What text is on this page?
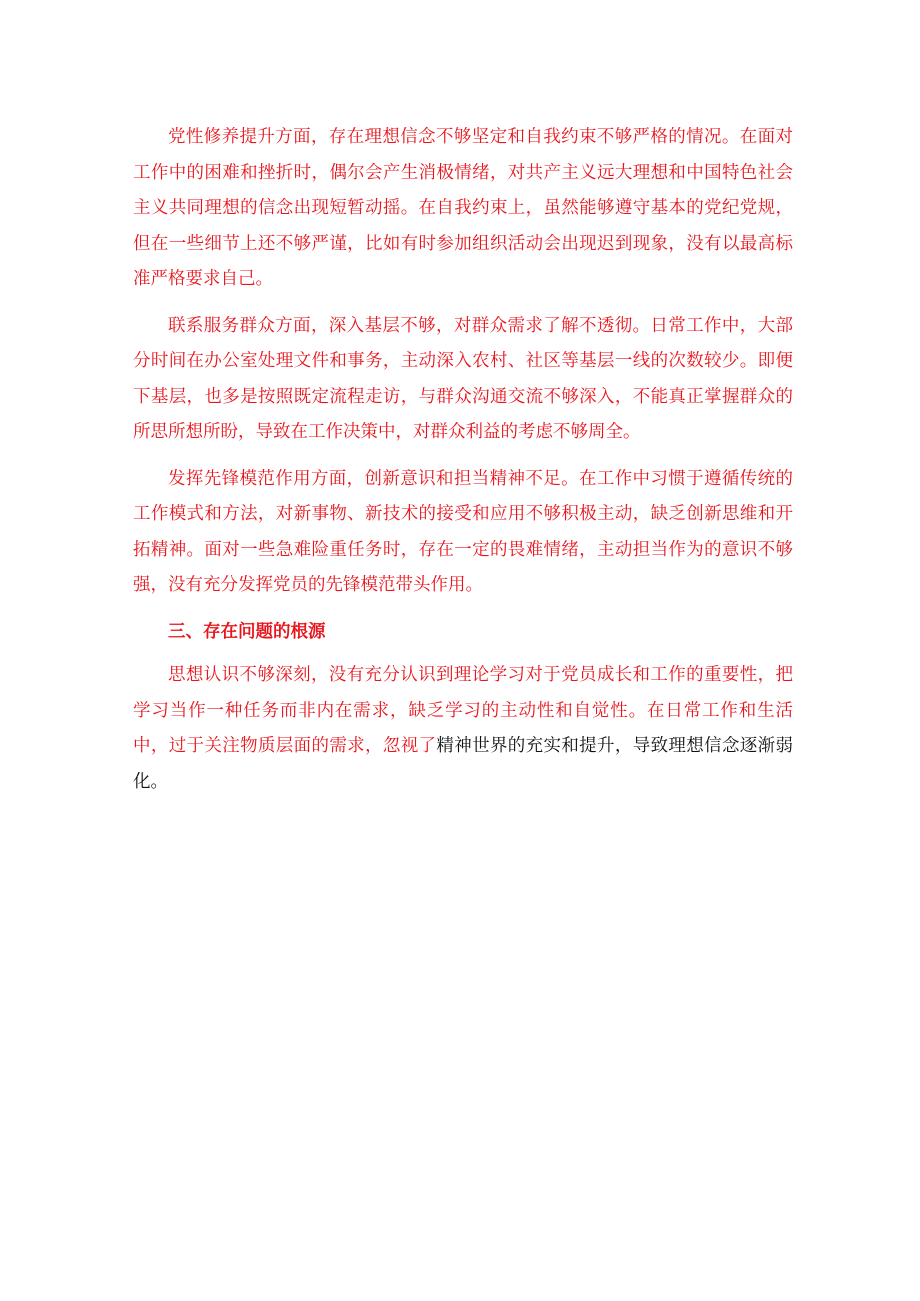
党性修养提升方面，存在理想信念不够坚定和自我约束不够严格的情况。在面对工作中的困难和挫折时，偶尔会产生消极情绪，对共产主义远大理想和中国特色社会主义共同理想的信念出现短暂动摇。在自我约束上，虽然能够遵守基本的党纪党规，但在一些细节上还不够严谨，比如有时参加组织活动会出现迟到现象，没有以最高标准严格要求自己。

联系服务群众方面，深入基层不够，对群众需求了解不透彻。日常工作中，大部分时间在办公室处理文件和事务，主动深入农村、社区等基层一线的次数较少。即便下基层，也多是按照既定流程走访，与群众沟通交流不够深入，不能真正掌握群众的所思所想所盼，导致在工作决策中，对群众利益的考虑不够周全。

发挥先锋模范作用方面，创新意识和担当精神不足。在工作中习惯于遵循传统的工作模式和方法，对新事物、新技术的接受和应用不够积极主动，缺乏创新思维和开拓精神。面对一些急难险重任务时，存在一定的畏难情绪，主动担当作为的意识不够强，没有充分发挥党员的先锋模范带头作用。

三、存在问题的根源

思想认识不够深刻，没有充分认识到理论学习对于党员成长和工作的重要性，把学习当作一种任务而非内在需求，缺乏学习的主动性和自觉性。在日常工作和生活中，过于关注物质层面的需求，忽视了精神世界的充实和提升，导致理想信念逐渐弱化。
